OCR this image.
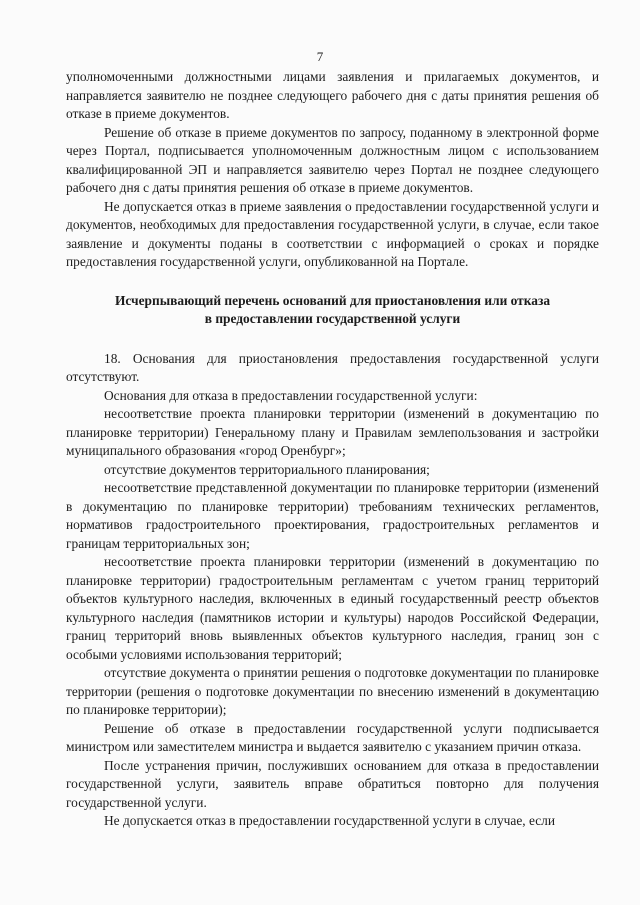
7

уполномоченными должностными лицами заявления и прилагаемых документов, и направляется заявителю не позднее следующего рабочего дня с даты принятия решения об отказе в приеме документов.

Решение об отказе в приеме документов по запросу, поданному в электронной форме через Портал, подписывается уполномоченным должностным лицом с использованием квалифицированной ЭП и направляется заявителю через Портал не позднее следующего рабочего дня с даты принятия решения об отказе в приеме документов.

Не допускается отказ в приеме заявления о предоставлении государственной услуги и документов, необходимых для предоставления государственной услуги, в случае, если такое заявление и документы поданы в соответствии с информацией о сроках и порядке предоставления государственной услуги, опубликованной на Портале.

Исчерпывающий перечень оснований для приостановления или отказа
в предоставлении государственной услуги

18. Основания для приостановления предоставления государственной услуги отсутствуют.

Основания для отказа в предоставлении государственной услуги:

несоответствие проекта планировки территории (изменений в документацию по планировке территории) Генеральному плану и Правилам землепользования и застройки муниципального образования «город Оренбург»;

отсутствие документов территориального планирования;

несоответствие представленной документации по планировке территории (изменений в документацию по планировке территории) требованиям технических регламентов, нормативов градостроительного проектирования, градостроительных регламентов и границам территориальных зон;

несоответствие проекта планировки территории (изменений в документацию по планировке территории) градостроительным регламентам с учетом границ территорий объектов культурного наследия, включенных в единый государственный реестр объектов культурного наследия (памятников истории и культуры) народов Российской Федерации, границ территорий вновь выявленных объектов культурного наследия, границ зон с особыми условиями использования территорий;

отсутствие документа о принятии решения о подготовке документации по планировке территории (решения о подготовке документации по внесению изменений в документацию по планировке территории);

Решение об отказе в предоставлении государственной услуги подписывается министром или заместителем министра и выдается заявителю с указанием причин отказа.

После устранения причин, послуживших основанием для отказа в предоставлении государственной услуги, заявитель вправе обратиться повторно для получения государственной услуги.

Не допускается отказ в предоставлении государственной услуги в случае, если
